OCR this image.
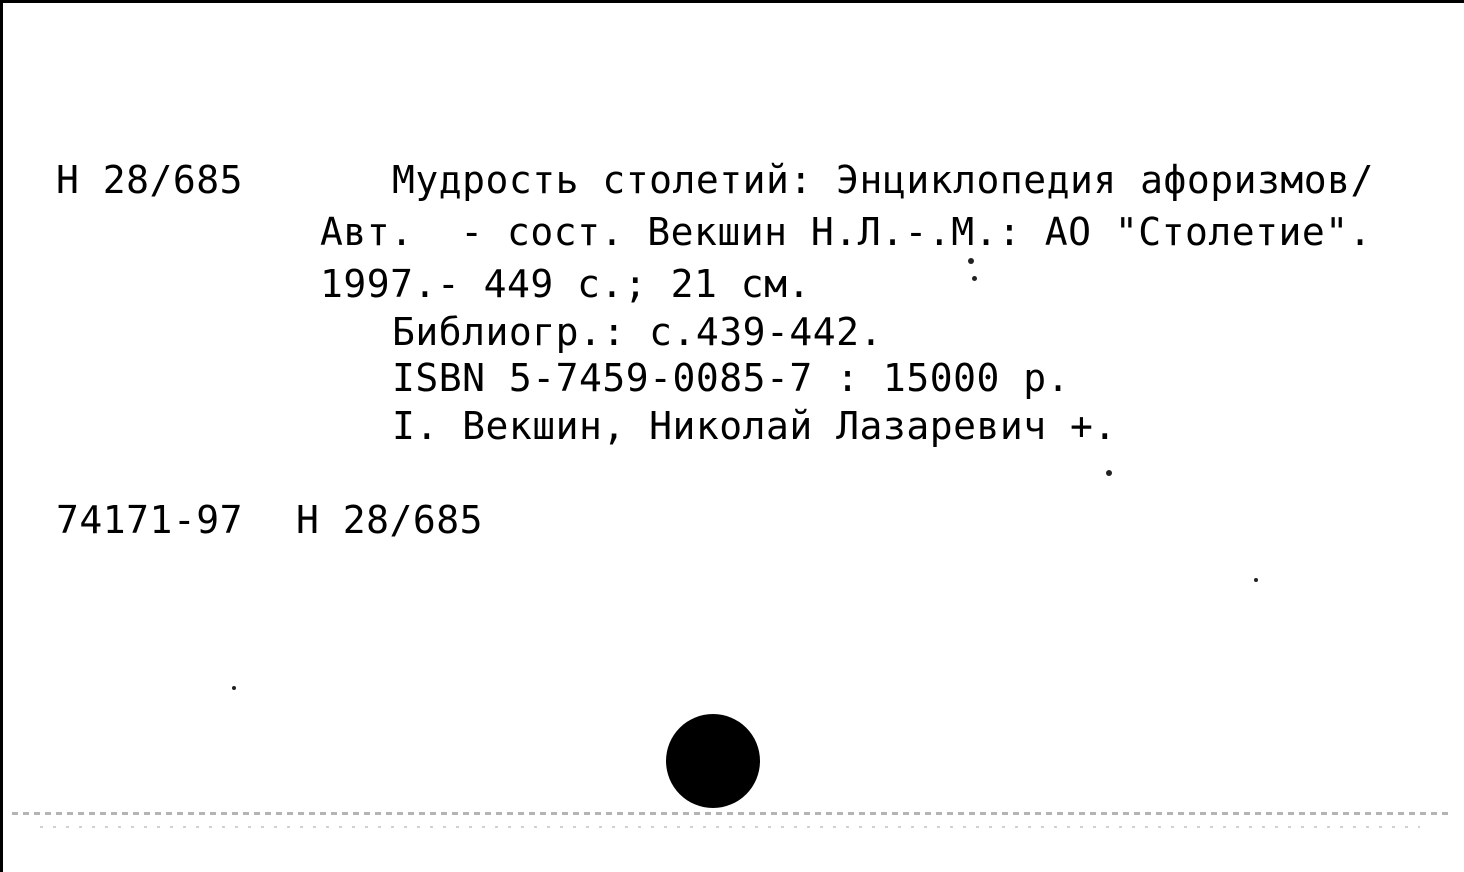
Н 28/685	Мудрость столетий: Энциклопедия афоризмов/
Авт.  - сост. Векшин Н.Л.-.М.: АО "Столетие".
1997.- 449 с.; 21 см.
Библиогр.: с.439-442.
ISBN 5-7459-0085-7 : 15000 р.
I. Векшин, Николай Лазаревич +.
74171-97 Н 28/685
